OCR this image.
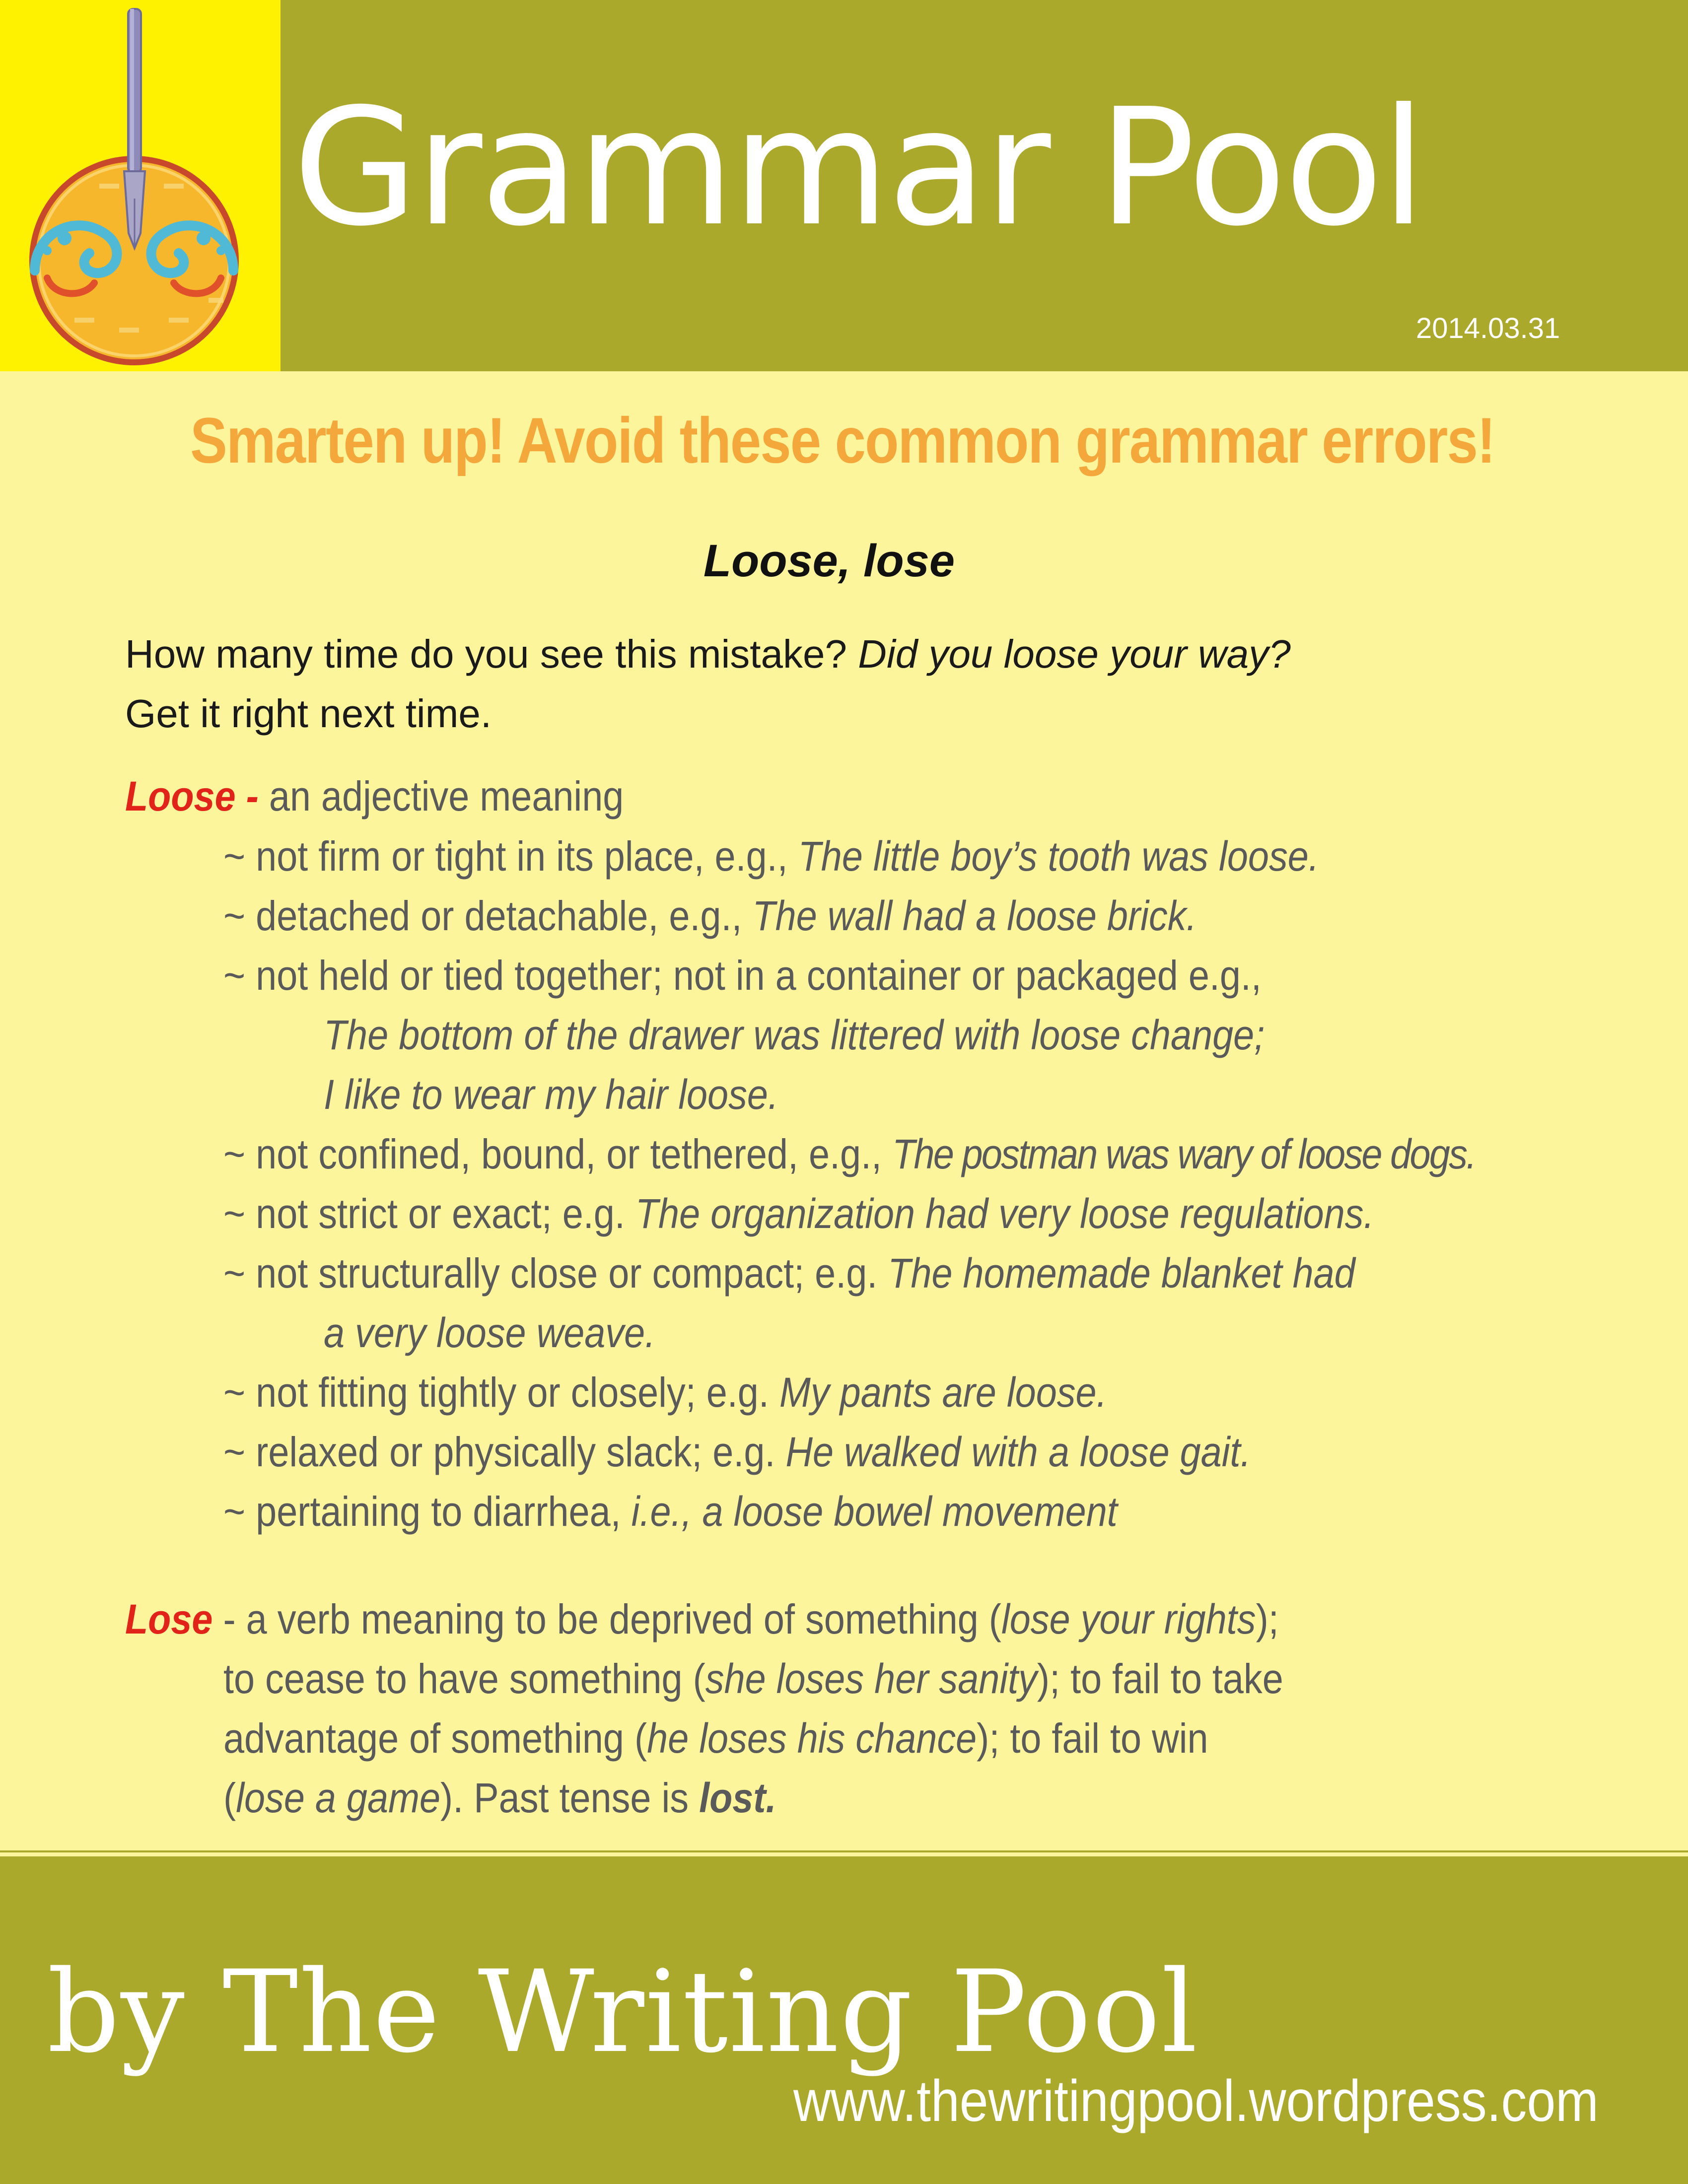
Grammar Pool
2014.03.31
Smarten up! Avoid these common grammar errors!
Loose, lose
How many time do you see this mistake? Did you loose your way?
Get it right next time.
Loose - an adjective meaning
~ not firm or tight in its place, e.g., The little boy’s tooth was loose.
~ detached or detachable, e.g., The wall had a loose brick.
~ not held or tied together; not in a container or packaged e.g.,
The bottom of the drawer was littered with loose change;
I like to wear my hair loose.
~ not confined, bound, or tethered, e.g., The postman was wary of loose dogs.
~ not strict or exact; e.g. The organization had very loose regulations.
~ not structurally close or compact; e.g. The homemade blanket had
a very loose weave.
~ not fitting tightly or closely; e.g. My pants are loose.
~ relaxed or physically slack; e.g. He walked with a loose gait.
~ pertaining to diarrhea, i.e., a loose bowel movement
Lose - a verb meaning to be deprived of something (lose your rights);
to cease to have something (she loses her sanity); to fail to take
advantage of something (he loses his chance); to fail to win
(lose a game). Past tense is lost.
by The Writing Pool
www.thewritingpool.wordpress.com
